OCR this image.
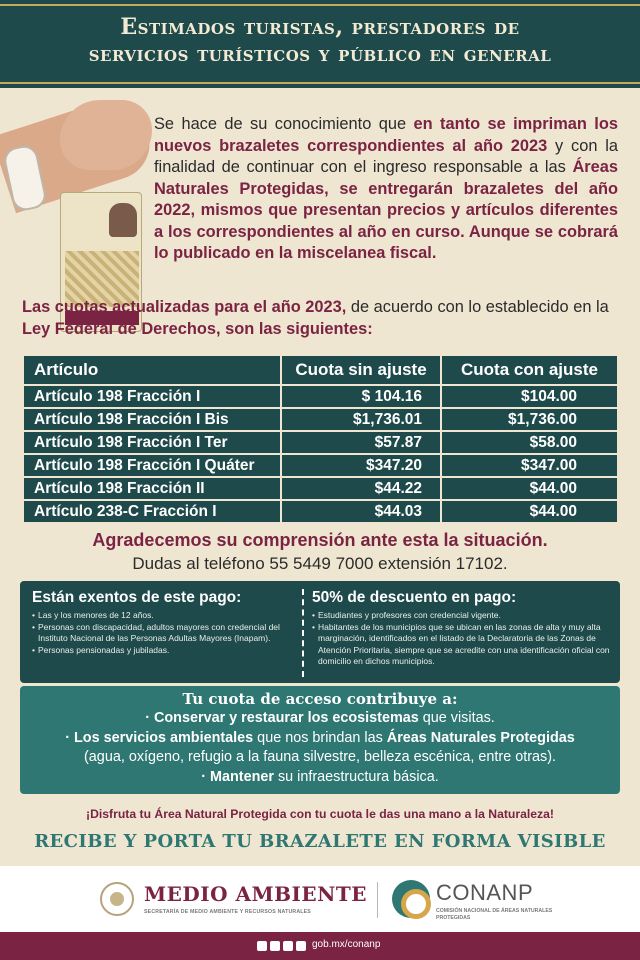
Estimados turistas, prestadores de
servicios turísticos y público en general

Se hace de su conocimiento que en tanto se impriman los nuevos brazaletes correspondientes al año 2023 y con la finalidad de continuar con el ingreso responsable a las Áreas Naturales Protegidas, se entregarán brazaletes del año 2022, mismos que presentan precios y artículos diferentes a los correspondientes al año en curso. Aunque se cobrará lo publicado en la miscelanea fiscal.

Las cuotas actualizadas para el año 2023, de acuerdo con lo establecido en la Ley Federal de Derechos, son las siguientes:

Artículo	Cuota sin ajuste	Cuota con ajuste
Artículo 198 Fracción I	$ 104.16	$104.00
Artículo 198 Fracción I Bis	$1,736.01	$1,736.00
Artículo 198 Fracción I Ter	$57.87	$58.00
Artículo 198 Fracción I Quáter	$347.20	$347.00
Artículo 198 Fracción II	$44.22	$44.00
Artículo 238-C Fracción I	$44.03	$44.00
Agradecemos su comprensión ante esta la situación.
Dudas al teléfono 55 5449 7000 extensión 17102.
Están exentos de este pago:
• Las y los menores de 12 años.
• Personas con discapacidad, adultos mayores con credencial del Instituto Nacional de las Personas Adultas Mayores (Inapam).
• Personas pensionadas y jubiladas.
50% de descuento en pago:
• Estudiantes y profesores con credencial vigente.
• Habitantes de los municipios que se ubican en las zonas de alta y muy alta marginación, identificados en el listado de la Declaratoria de las Zonas de Atención Prioritaria, siempre que se acredite con una identificación oficial con domicilio en dichos municipios.
Tu cuota de acceso contribuye a:

· Conservar y restaurar los ecosistemas que visitas.

· Los servicios ambientales que nos brindan las Áreas Naturales Protegidas

(agua, oxígeno, refugio a la fauna silvestre, belleza escénica, entre otras).

· Mantener su infraestructura básica.

¡Disfruta tu Área Natural Protegida con tu cuota le das una mano a la Naturaleza!
RECIBE Y PORTA TU BRAZALETE EN FORMA VISIBLE
MEDIO AMBIENTE
SECRETARÍA DE MEDIO AMBIENTE Y RECURSOS NATURALES
CONANP
COMISIÓN NACIONAL DE ÁREAS NATURALES PROTEGIDAS
gob.mx/conanp
